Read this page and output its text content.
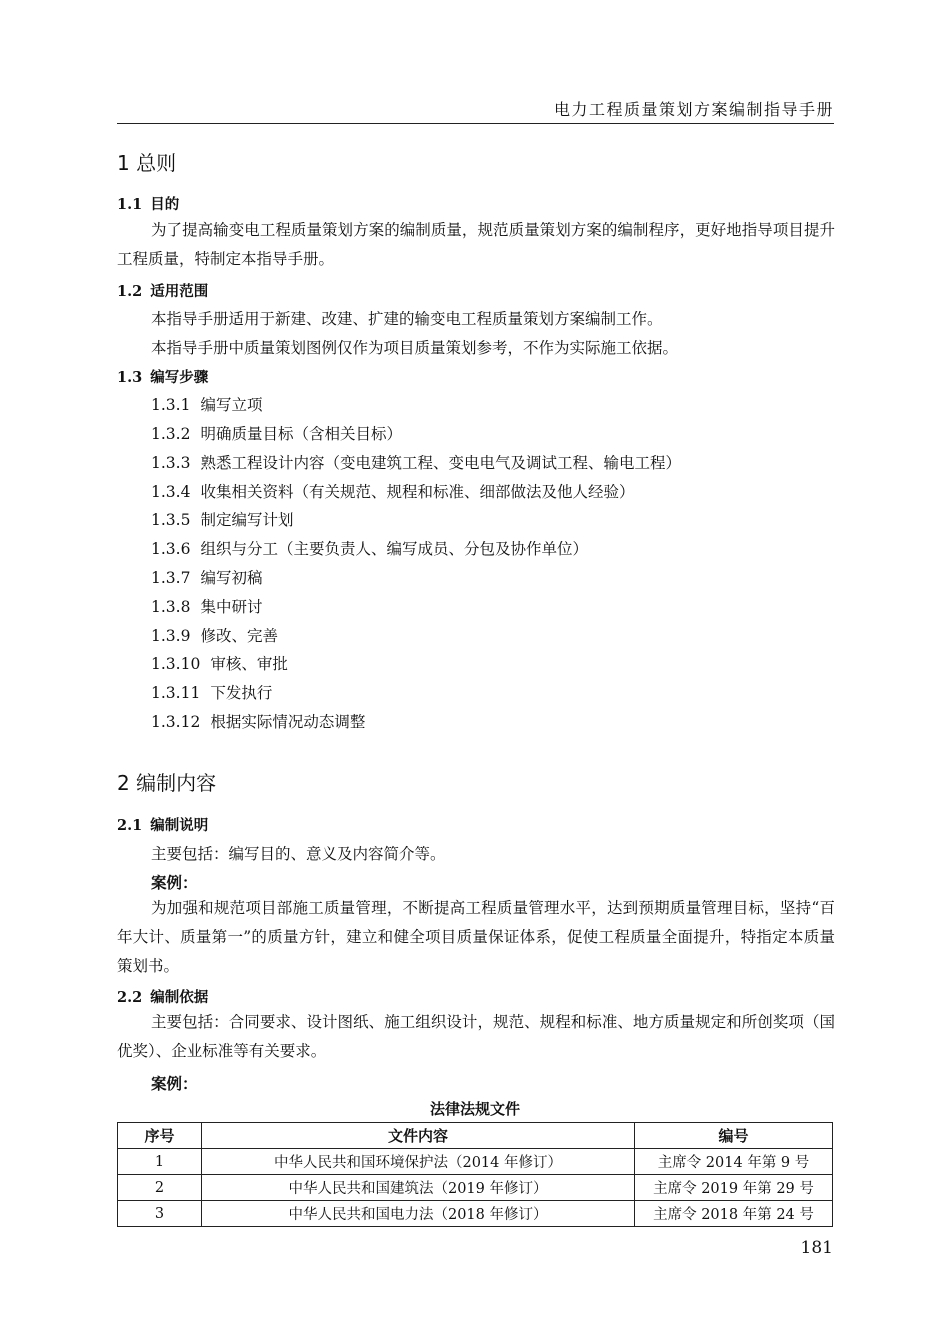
电力工程质量策划方案编制指导手册
1 总则
1.1 目的
为了提高输变电工程质量策划方案的编制质量，规范质量策划方案的编制程序，更好地指导项目提升工程质量，特制定本指导手册。
1.2 适用范围
本指导手册适用于新建、改建、扩建的输变电工程质量策划方案编制工作。
本指导手册中质量策划图例仅作为项目质量策划参考，不作为实际施工依据。
1.3 编写步骤
1.3.1 编写立项
1.3.2 明确质量目标（含相关目标）
1.3.3 熟悉工程设计内容（变电建筑工程、变电电气及调试工程、输电工程）
1.3.4 收集相关资料（有关规范、规程和标准、细部做法及他人经验）
1.3.5 制定编写计划
1.3.6 组织与分工（主要负责人、编写成员、分包及协作单位）
1.3.7 编写初稿
1.3.8 集中研讨
1.3.9 修改、完善
1.3.10 审核、审批
1.3.11 下发执行
1.3.12 根据实际情况动态调整
2 编制内容
2.1 编制说明
主要包括：编写目的、意义及内容简介等。
案例：
为加强和规范项目部施工质量管理，不断提高工程质量管理水平，达到预期质量管理目标，坚持“百年大计、质量第一”的质量方针，建立和健全项目质量保证体系，促使工程质量全面提升，特指定本质量策划书。
2.2 编制依据
主要包括：合同要求、设计图纸、施工组织设计，规范、规程和标准、地方质量规定和所创奖项（国优奖）、企业标准等有关要求。
案例：
法律法规文件
序号	文件内容	编号
1	中华人民共和国环境保护法（2014 年修订）	主席令 2014 年第 9 号
2	中华人民共和国建筑法（2019 年修订）	主席令 2019 年第 29 号
3	中华人民共和国电力法（2018 年修订）	主席令 2018 年第 24 号
181
